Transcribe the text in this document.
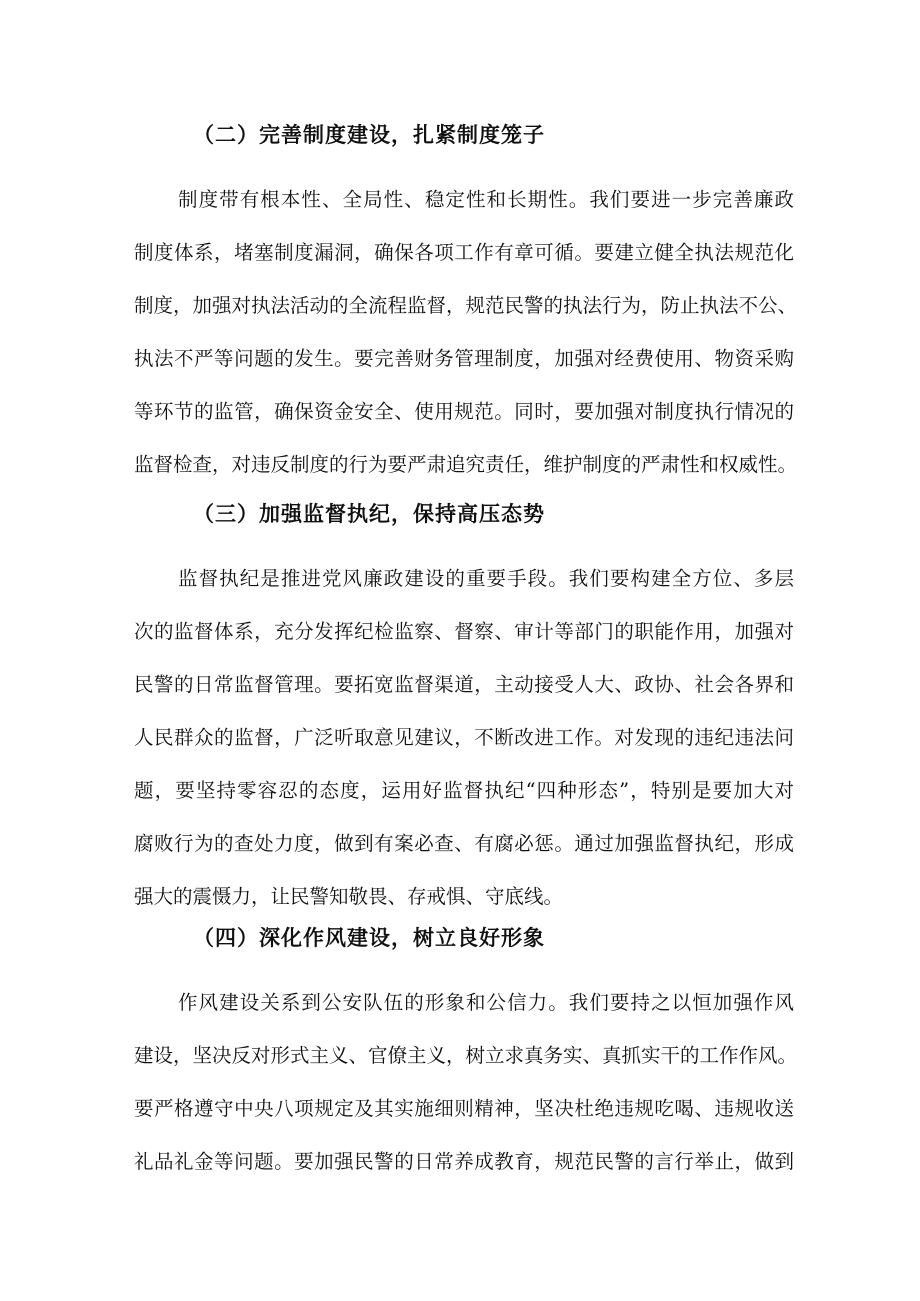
（二）完善制度建设，扎紧制度笼子
制度带有根本性、全局性、稳定性和长期性。我们要进一步完善廉政
制度体系，堵塞制度漏洞，确保各项工作有章可循。要建立健全执法规范化
制度，加强对执法活动的全流程监督，规范民警的执法行为，防止执法不公、
执法不严等问题的发生。要完善财务管理制度，加强对经费使用、物资采购
等环节的监管，确保资金安全、使用规范。同时，要加强对制度执行情况的
监督检查，对违反制度的行为要严肃追究责任，维护制度的严肃性和权威性。
（三）加强监督执纪，保持高压态势
监督执纪是推进党风廉政建设的重要手段。我们要构建全方位、多层
次的监督体系，充分发挥纪检监察、督察、审计等部门的职能作用，加强对
民警的日常监督管理。要拓宽监督渠道，主动接受人大、政协、社会各界和
人民群众的监督，广泛听取意见建议，不断改进工作。对发现的违纪违法问
题，要坚持零容忍的态度，运用好监督执纪“四种形态”，特别是要加大对
腐败行为的查处力度，做到有案必查、有腐必惩。通过加强监督执纪，形成
强大的震慑力，让民警知敬畏、存戒惧、守底线。
（四）深化作风建设，树立良好形象
作风建设关系到公安队伍的形象和公信力。我们要持之以恒加强作风
建设，坚决反对形式主义、官僚主义，树立求真务实、真抓实干的工作作风。
要严格遵守中央八项规定及其实施细则精神，坚决杜绝违规吃喝、违规收送
礼品礼金等问题。要加强民警的日常养成教育，规范民警的言行举止，做到
